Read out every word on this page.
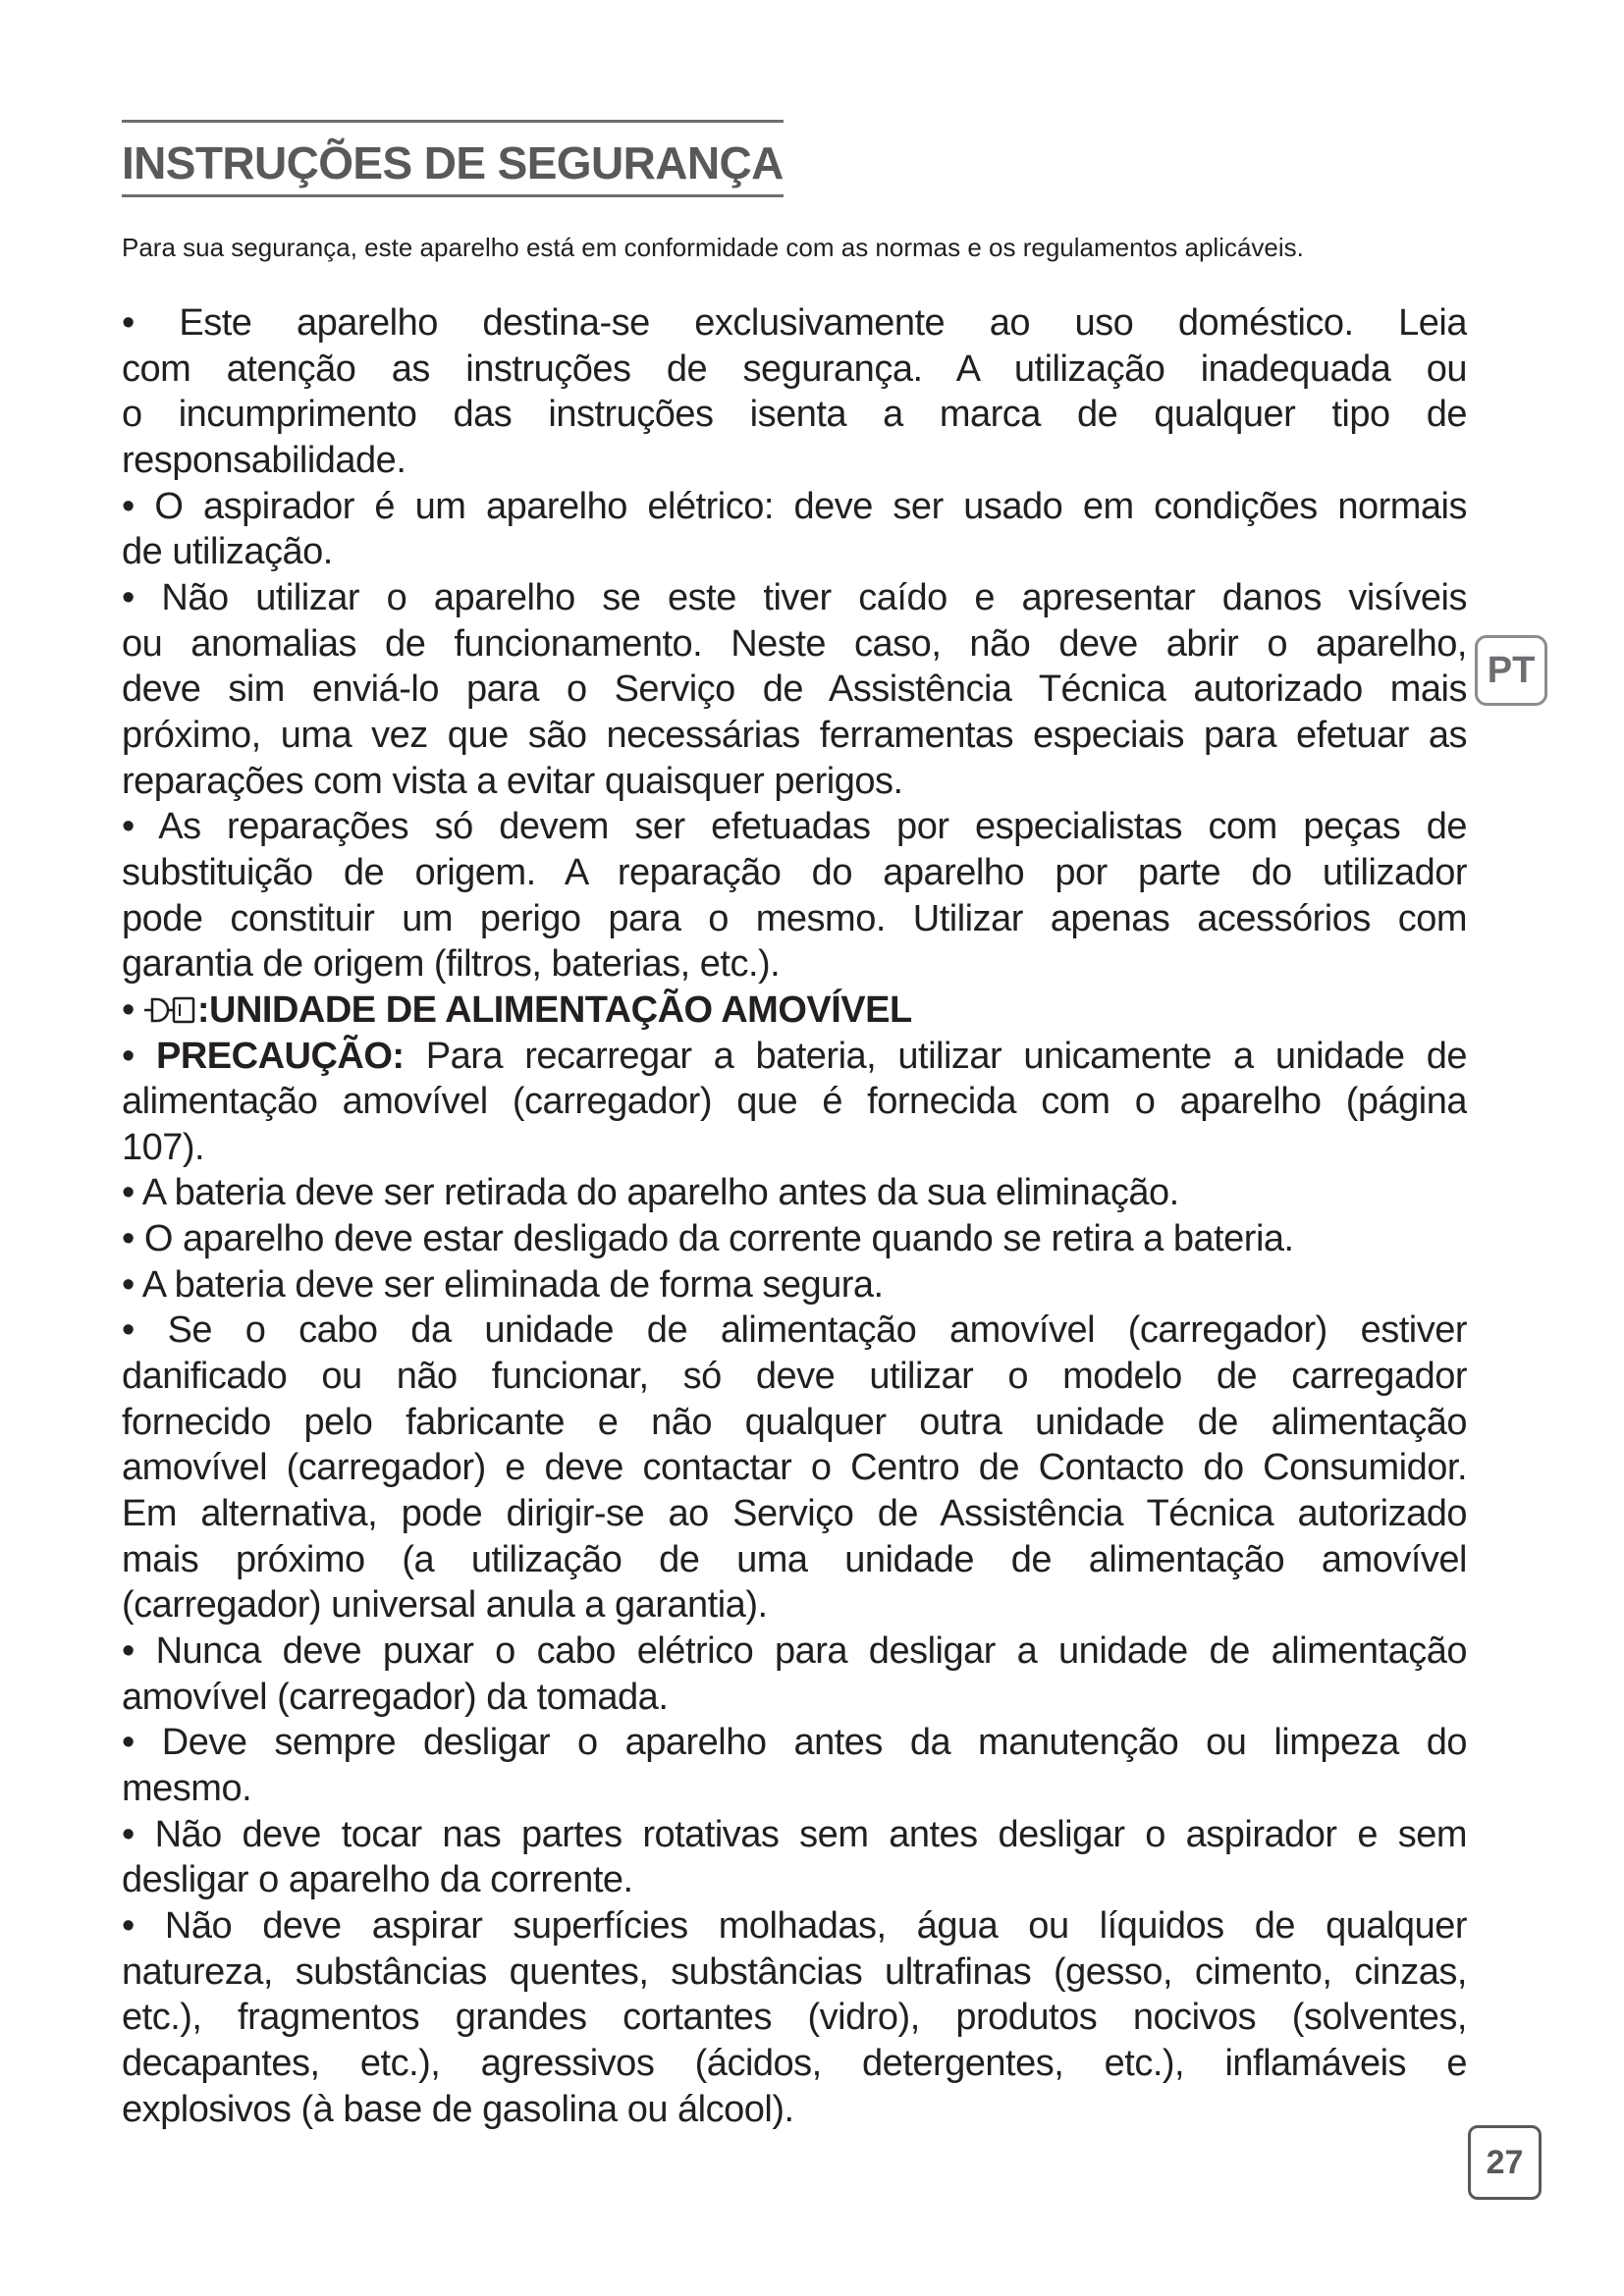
INSTRUÇÕES DE SEGURANÇA

Para sua segurança, este aparelho está em conformidade com as normas e os regulamentos aplicáveis.

• Este aparelho destina-se exclusivamente ao uso doméstico. Leia
com atenção as instruções de segurança. A utilização inadequada ou
o incumprimento das instruções isenta a marca de qualquer tipo de
responsabilidade.
• O aspirador é um aparelho elétrico: deve ser usado em condições normais
de utilização.
• Não utilizar o aparelho se este tiver caído e apresentar danos visíveis
ou anomalias de funcionamento. Neste caso, não deve abrir o aparelho,
deve sim enviá-lo para o Serviço de Assistência Técnica autorizado mais
próximo, uma vez que são necessárias ferramentas especiais para efetuar as
reparações com vista a evitar quaisquer perigos.
• As reparações só devem ser efetuadas por especialistas com peças de
substituição de origem. A reparação do aparelho por parte do utilizador
pode constituir um perigo para o mesmo. Utilizar apenas acessórios com
garantia de origem (filtros, baterias, etc.).
• :UNIDADE DE ALIMENTAÇÃO AMOVÍVEL
• PRECAUÇÃO: Para recarregar a bateria, utilizar unicamente a unidade de
alimentação amovível (carregador) que é fornecida com o aparelho (página
107).
• A bateria deve ser retirada do aparelho antes da sua eliminação.
• O aparelho deve estar desligado da corrente quando se retira a bateria.
• A bateria deve ser eliminada de forma segura.
• Se o cabo da unidade de alimentação amovível (carregador) estiver
danificado ou não funcionar, só deve utilizar o modelo de carregador
fornecido pelo fabricante e não qualquer outra unidade de alimentação
amovível (carregador) e deve contactar o Centro de Contacto do Consumidor.
Em alternativa, pode dirigir-se ao Serviço de Assistência Técnica autorizado
mais próximo (a utilização de uma unidade de alimentação amovível
(carregador) universal anula a garantia).
• Nunca deve puxar o cabo elétrico para desligar a unidade de alimentação
amovível (carregador) da tomada.
• Deve sempre desligar o aparelho antes da manutenção ou limpeza do
mesmo.
• Não deve tocar nas partes rotativas sem antes desligar o aspirador e sem
desligar o aparelho da corrente.
• Não deve aspirar superfícies molhadas, água ou líquidos de qualquer
natureza, substâncias quentes, substâncias ultrafinas (gesso, cimento, cinzas,
etc.), fragmentos grandes cortantes (vidro), produtos nocivos (solventes,
decapantes, etc.), agressivos (ácidos, detergentes, etc.), inflamáveis e
explosivos (à base de gasolina ou álcool).
PT
27
